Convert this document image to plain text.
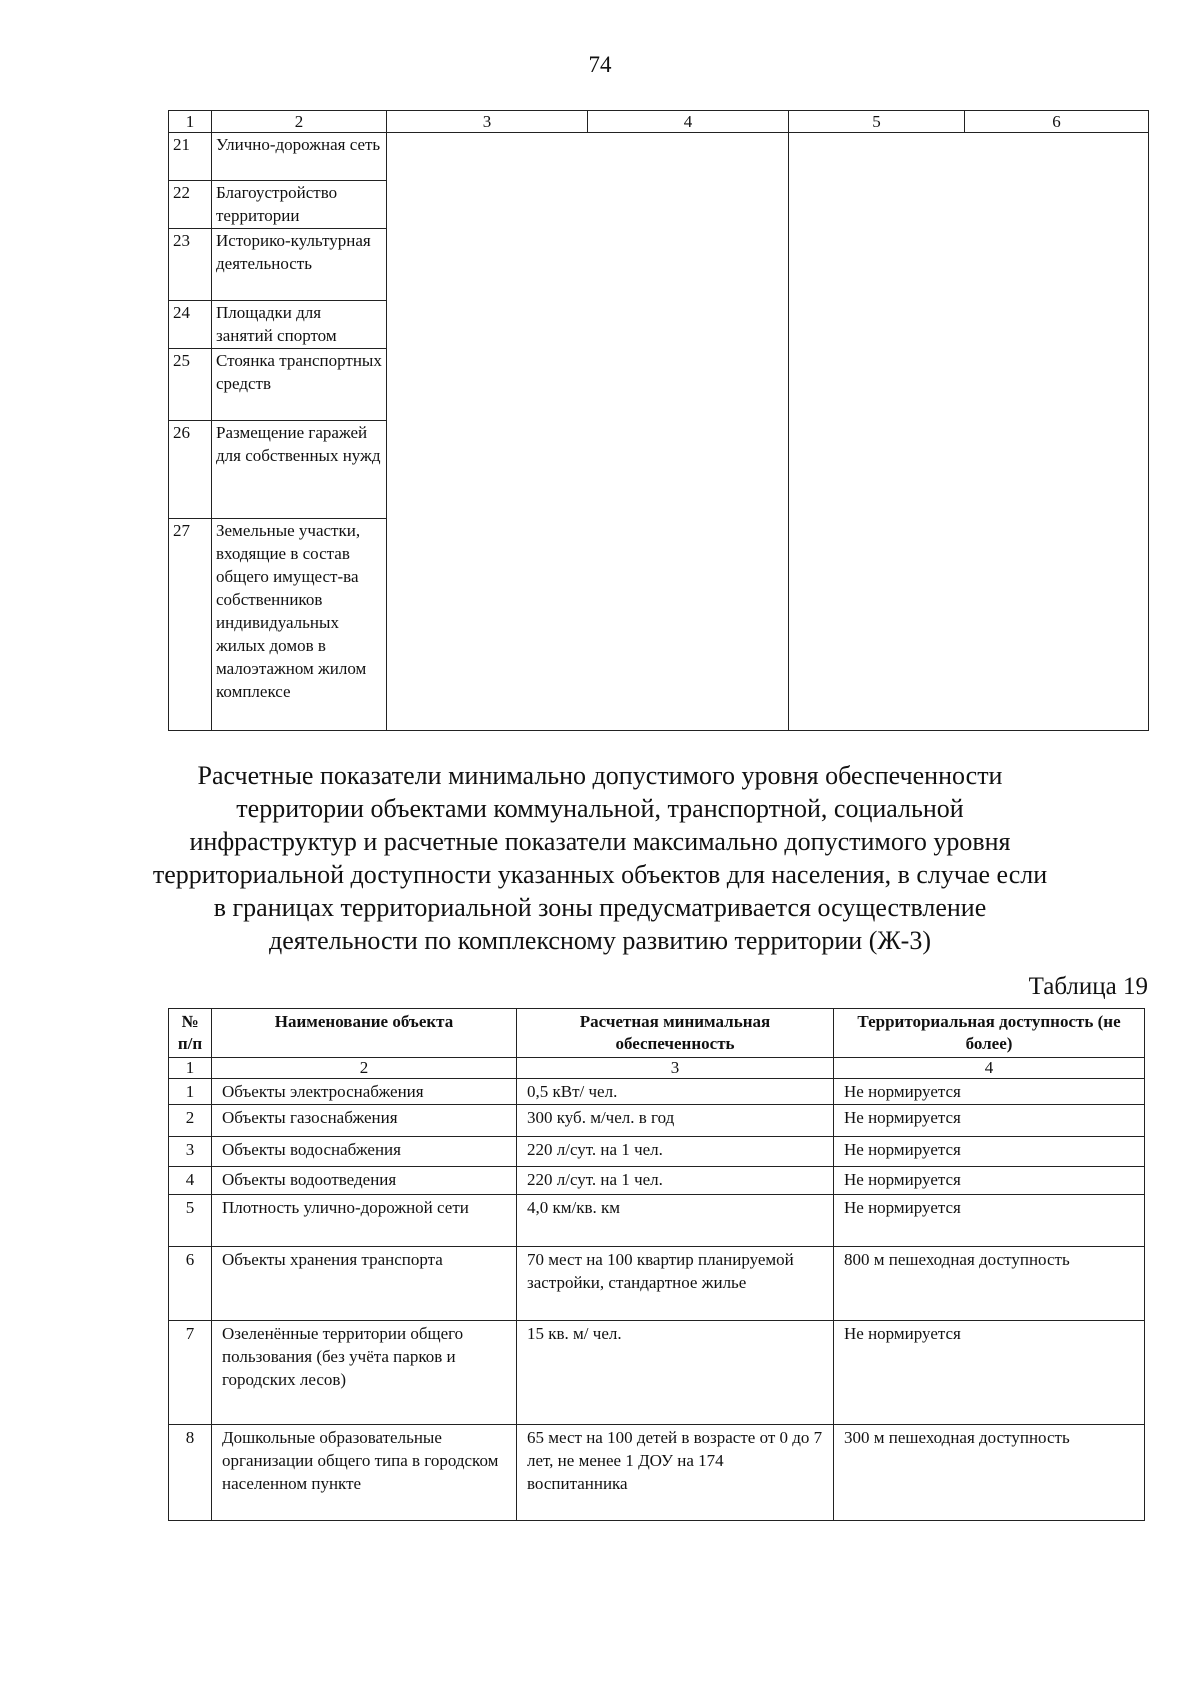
74
1	2	3	4	5	6
21	Улично-дорожная сеть				
22	Благоустройство территории				
23	Историко-культурная деятельность				
24	Площадки для занятий спортом				
25	Стоянка транспортных средств				
26	Размещение гаражей для собственных нужд				
27	Земельные участки, входящие в состав общего имущест-ва собственников индивидуальных жилых домов в малоэтажном жилом комплексе				
Расчетные показатели минимально допустимого уровня обеспеченности территории объектами коммунальной, транспортной, социальной инфраструктур и расчетные показатели максимально допустимого уровня территориальной доступности указанных объектов для населения, в случае если в границах территориальной зоны предусматривается осуществление деятельности по комплексному развитию территории (Ж-3)
Таблица 19
№ п/п	Наименование объекта	Расчетная минимальная обеспеченность	Территориальная доступность (не более)
1	2	3	4
1	Объекты электроснабжения	0,5 кВт/ чел.	Не нормируется
2	Объекты газоснабжения	300 куб. м/чел. в год	Не нормируется
3	Объекты водоснабжения	220 л/сут. на 1 чел.	Не нормируется
4	Объекты водоотведения	220 л/сут. на 1 чел.	Не нормируется
5	Плотность улично-дорожной сети	4,0 км/кв. км	Не нормируется
6	Объекты хранения транспорта	70 мест на 100 квартир планируемой застройки, стандартное жилье	800 м пешеходная доступность
7	Озеленённые территории общего пользования (без учёта парков и городских лесов)	15 кв. м/ чел.	Не нормируется
8	Дошкольные образовательные организации общего типа в городском населенном пункте	65 мест на 100 детей в возрасте от 0 до 7 лет, не менее 1 ДОУ на 174 воспитанника	300 м пешеходная доступность
